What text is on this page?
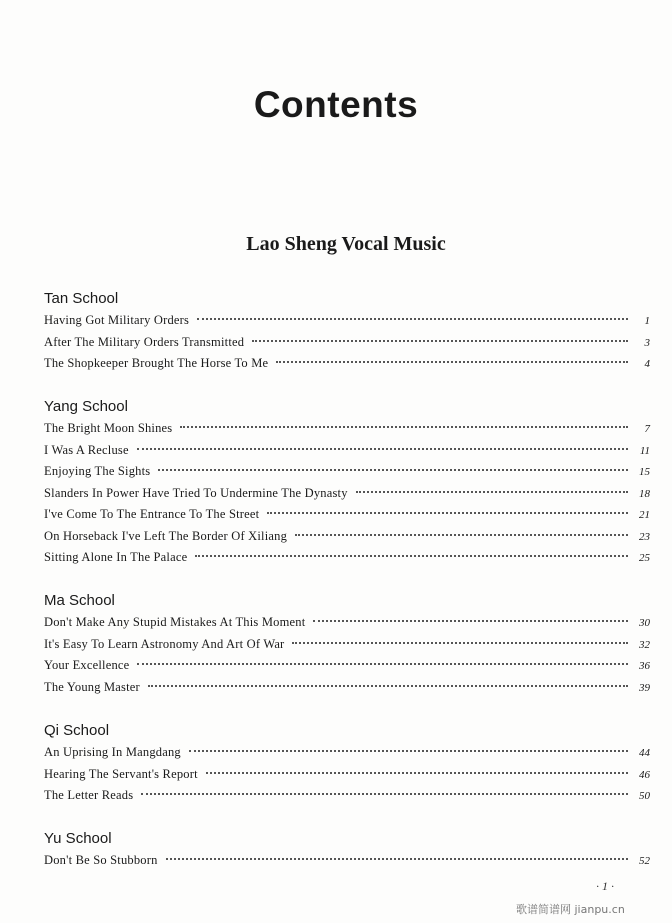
Contents
Lao Sheng Vocal Music
Tan School
Having Got Military Orders	1
After The Military Orders Transmitted	3
The Shopkeeper Brought The Horse To Me	4
Yang School
The Bright Moon Shines	7
I Was A Recluse	11
Enjoying The Sights	15
Slanders In Power Have Tried To Undermine The Dynasty	18
I've Come To The Entrance To The Street	21
On Horseback I've Left The Border Of Xiliang	23
Sitting Alone In The Palace	25
Ma School
Don't Make Any Stupid Mistakes At This Moment	30
It's Easy To Learn Astronomy And Art Of War	32
Your Excellence	36
The Young Master	39
Qi School
An Uprising In Mangdang	44
Hearing The Servant's Report	46
The Letter Reads	50
Yu School
Don't Be So Stubborn	52
· 1 ·
歌谱简谱网 jianpu.cn
